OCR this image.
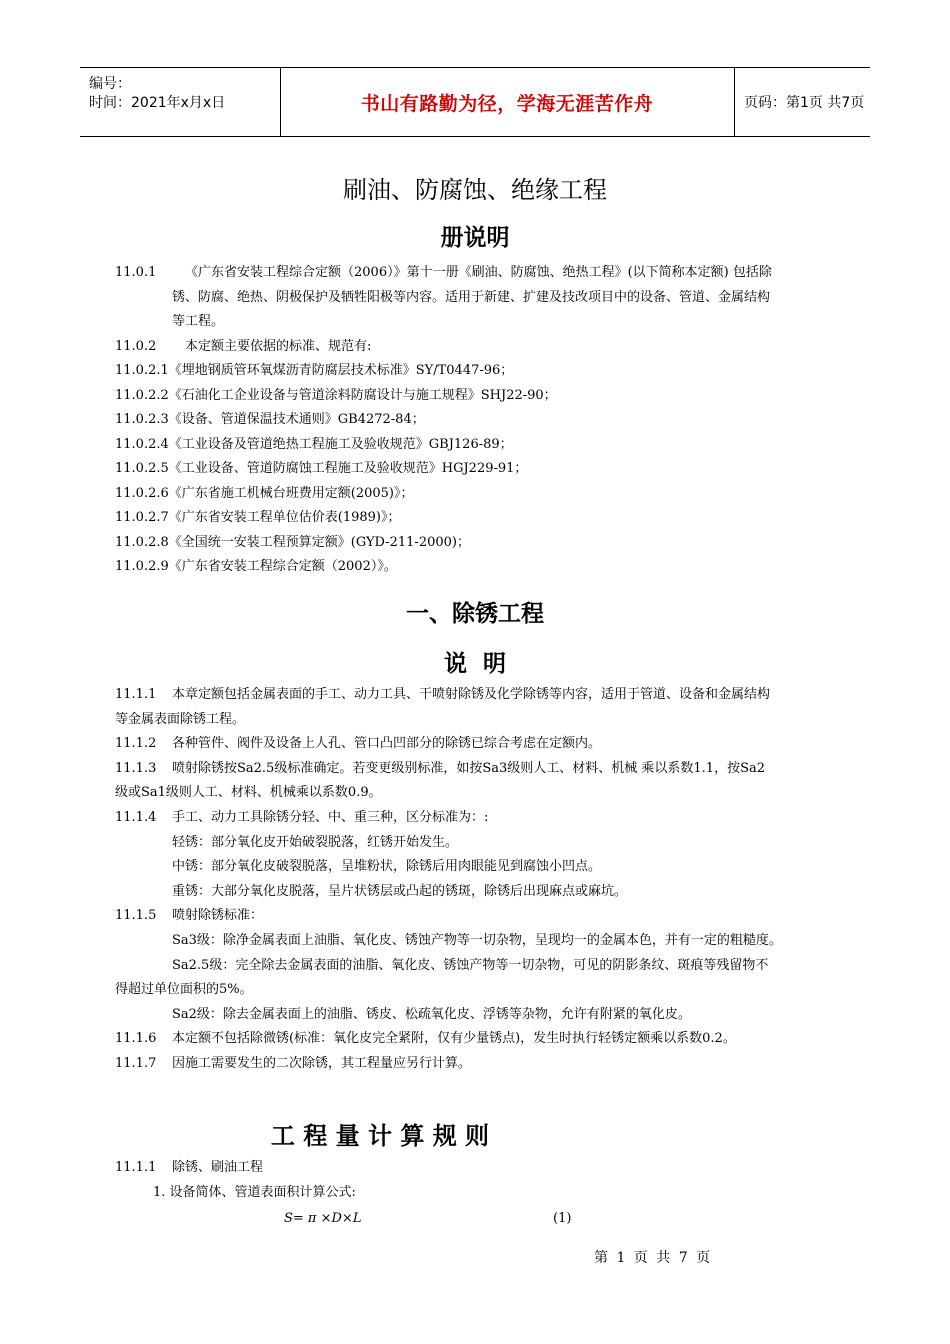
编号：
时间：2021年x月x日	书山有路勤为径，学海无涯苦作舟	页码：第1页 共7页
刷油、防腐蚀、绝缘工程
册说明
11.0.1 《广东省安装工程综合定额（2006）》第十一册《刷油、防腐蚀、绝热工程》(以下简称本定额) 包括除
锈、防腐、绝热、阴极保护及牺牲阳极等内容。适用于新建、扩建及技改项目中的设备、管道、金属结构
等工程。
11.0.2 本定额主要依据的标准、规范有:
11.0.2.1《埋地钢质管环氧煤沥青防腐层技术标准》SY/T0447-96；
11.0.2.2《石油化工企业设备与管道涂料防腐设计与施工规程》SHJ22-90；
11.0.2.3《设备、管道保温技术通则》GB4272-84；
11.0.2.4《工业设备及管道绝热工程施工及验收规范》GBJ126-89；
11.0.2.5《工业设备、管道防腐蚀工程施工及验收规范》HGJ229-91；
11.0.2.6《广东省施工机械台班费用定额(2005)》；
11.0.2.7《广东省安装工程单位估价表(1989)》；
11.0.2.8《全国统一安装工程预算定额》(GYD-211-2000)；
11.0.2.9《广东省安装工程综合定额（2002）》。
一、除锈工程
说  明
11.1.1 本章定额包括金属表面的手工、动力工具、干喷射除锈及化学除锈等内容，适用于管道、设备和金属结构
等金属表面除锈工程。
11.1.2 各种管件、阀件及设备上人孔、管口凸凹部分的除锈已综合考虑在定额内。
11.1.3 喷射除锈按Sa2.5级标准确定。若变更级别标准，如按Sa3级则人工、材料、机械 乘以系数1.1，按Sa2
级或Sa1级则人工、材料、机械乘以系数0.9。
11.1.4 手工、动力工具除锈分轻、中、重三种，区分标准为：:
轻锈：部分氧化皮开始破裂脱落，红锈开始发生。
中锈：部分氧化皮破裂脱落，呈堆粉状，除锈后用肉眼能见到腐蚀小凹点。
重锈：大部分氧化皮脱落，呈片状锈层或凸起的锈斑，除锈后出现麻点或麻坑。
11.1.5 喷射除锈标准：
Sa3级：除净金属表面上油脂、氧化皮、锈蚀产物等一切杂物，呈现均一的金属本色，并有一定的粗糙度。
Sa2.5级：完全除去金属表面的油脂、氧化皮、锈蚀产物等一切杂物，可见的阴影条纹、斑痕等残留物不
得超过单位面积的5%。
Sa2级：除去金属表面上的油脂、锈皮、松疏氧化皮、浮锈等杂物，允许有附紧的氧化皮。
11.1.6 本定额不包括除微锈(标准：氧化皮完全紧附，仅有少量锈点)，发生时执行轻锈定额乘以系数0.2。
11.1.7 因施工需要发生的二次除锈，其工程量应另行计算。
工 程 量 计 算 规 则
11.1.1 除锈、刷油工程
1. 设备简体、管道表面积计算公式:
S= π ×D×L	(1)
第 1 页 共 7 页
